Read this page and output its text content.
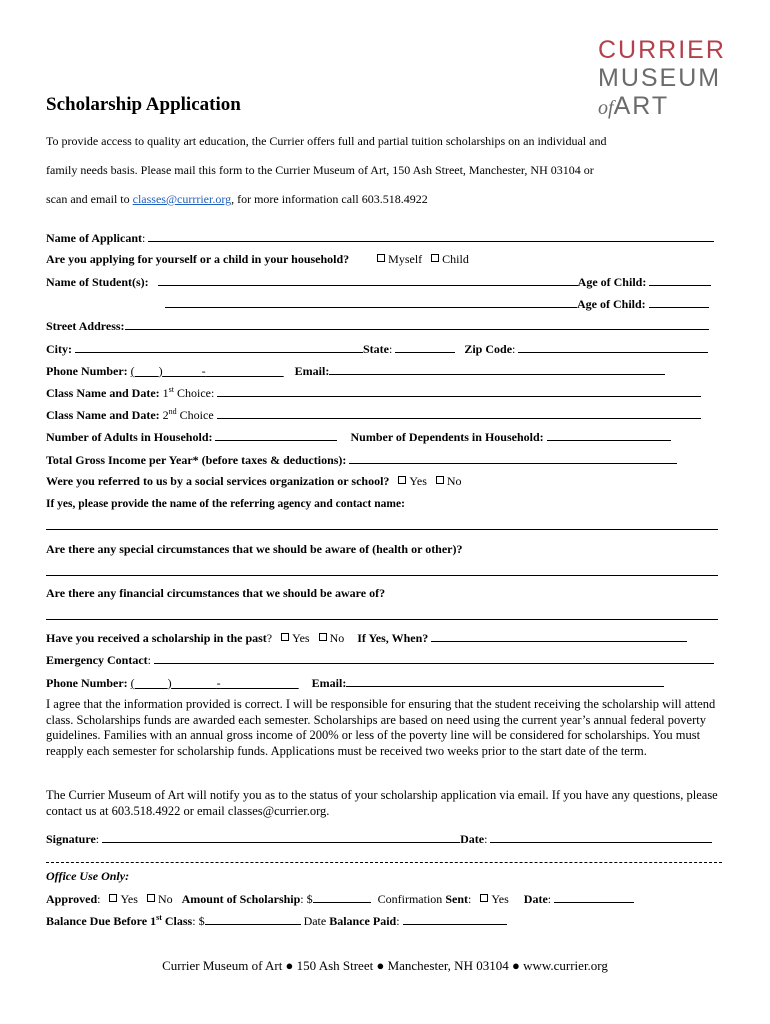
CURRIER
MUSEUM
ofART
Scholarship Application
To provide access to quality art education, the Currier offers full and partial tuition scholarships on an individual and
family needs basis. Please mail this form to the Currier Museum of Art, 150 Ash Street, Manchester, NH 03104 or
scan and email to classes@currrier.org, for more information call 603.518.4922
Name of Applicant:
Are you applying for yourself or a child in your household?	Myself Child
Name of Student(s):	Age of Child:
Age of Child:
Street Address:
City:	State:	Zip Code:
Phone Number: ( )	-	Email:
Class Name and Date: 1st Choice:
Class Name and Date: 2nd Choice
Number of Adults in Household:	Number of Dependents in Household:
Total Gross Income per Year* (before taxes & deductions):
Were you referred to us by a social services organization or school? Yes No
If yes, please provide the name of the referring agency and contact name:
Are there any special circumstances that we should be aware of (health or other)?
Are there any financial circumstances that we should be aware of?
Have you received a scholarship in the past? Yes No If Yes, When?
Emergency Contact:
Phone Number: (	)	-	Email:
I agree that the information provided is correct. I will be responsible for ensuring that the student receiving the scholarship will attend class. Scholarships funds are awarded each semester. Scholarships are based on need using the current year’s annual federal poverty guidelines. Families with an annual gross income of 200% or less of the poverty line will be considered for scholarships. You must reapply each semester for scholarship funds. Applications must be received two weeks prior to the start date of the term.
The Currier Museum of Art will notify you as to the status of your scholarship application via email. If you have any questions, please contact us at 603.518.4922 or email classes@currier.org.
Signature:	Date:
Office Use Only:
Approved: Yes No Amount of Scholarship: $	Confirmation Sent: Yes Date:
Balance Due Before 1st Class: $	Date Balance Paid:
Currier Museum of Art ● 150 Ash Street ● Manchester, NH 03104 ● www.currier.org
